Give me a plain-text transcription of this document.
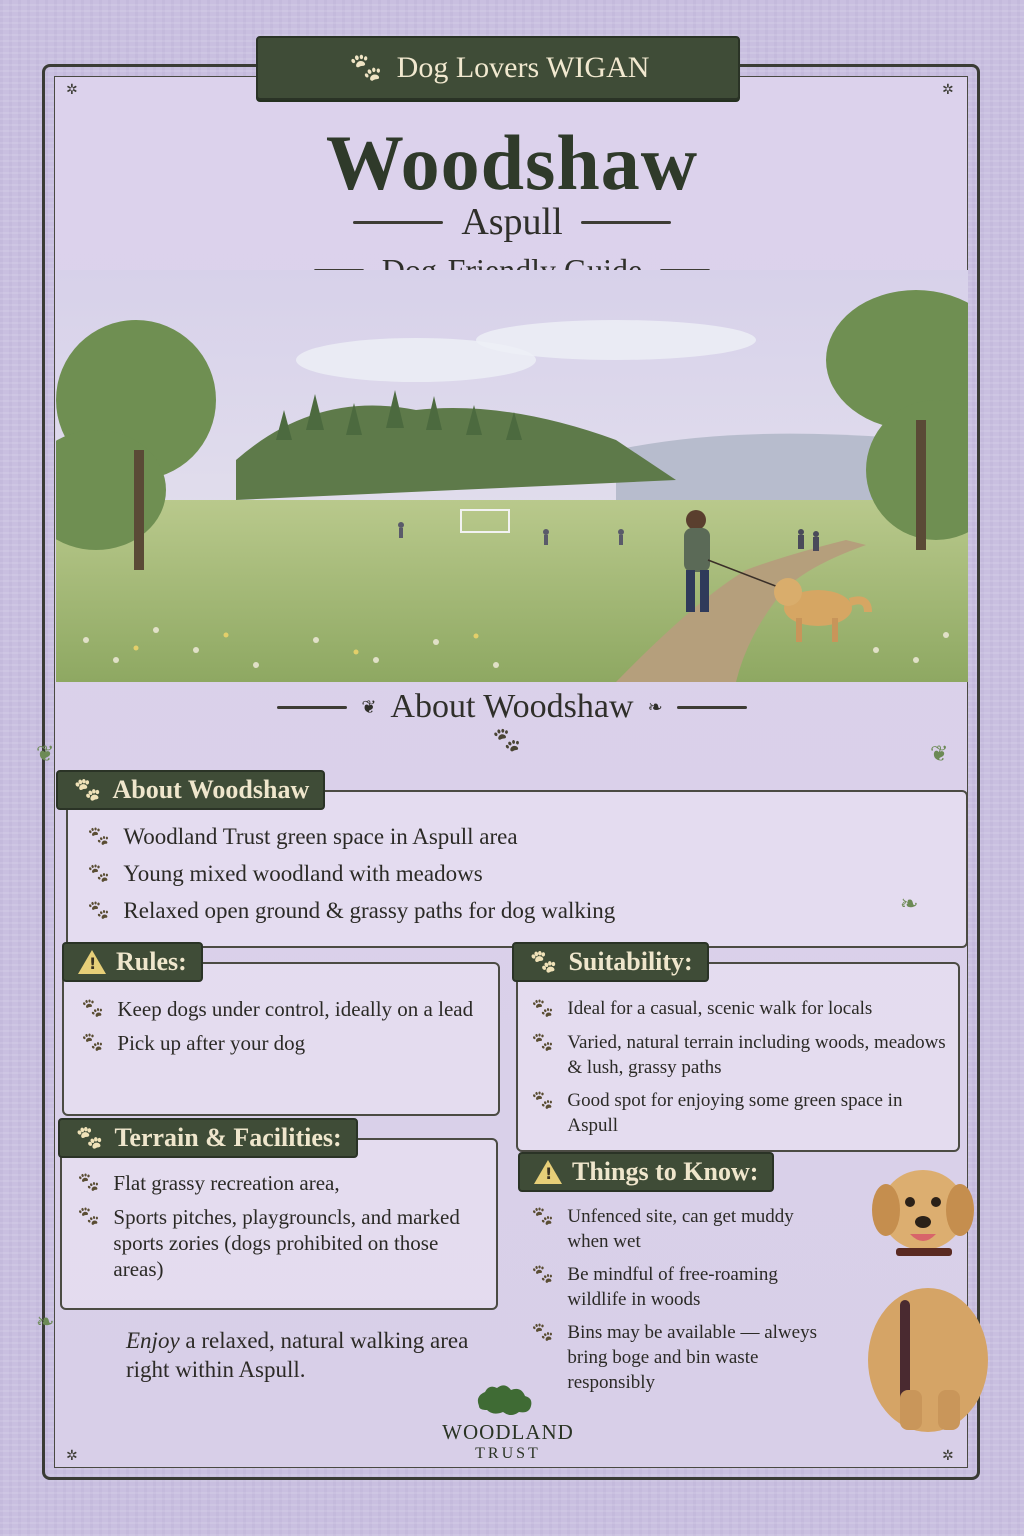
✲	✲
✲	✲
🐾︎ Dog Lovers WIGAN
Woodshaw
Aspull
❦ About Woodshaw ❧
🐾︎
🐾︎ About Woodshaw
🐾︎ Woodland Trust green space in Aspull area
🐾︎ Young mixed woodland with meadows
🐾︎ Relaxed open ground & grassy paths for dog walking
!
Rules:
🐾︎ Keep dogs under control, ideally on a lead
🐾︎ Pick up after your dog
🐾︎ Terrain & Facilities:
🐾︎ Flat grassy recreation area,
🐾︎ Sports pitches, playgrouncls, and marked sports zories (dogs prohibited on those areas)
🐾︎ Suitability:
🐾︎ Ideal for a casual, scenic walk for locals
🐾︎ Varied, natural terrain including woods, meadows & lush, grassy paths
🐾︎ Good spot for enjoying some green space in Aspull
!
Things to Know:
🐾︎ Unfenced site, can get muddy when wet
🐾︎ Be mindful of free-roaming wildlife in woods
🐾︎ Bins may be available — alweys bring boge and bin waste responsibly
Enjoy a relaxed, natural walking area right within Aspull.
WOODLAND
TRUST
❦	❦
❧
❧
